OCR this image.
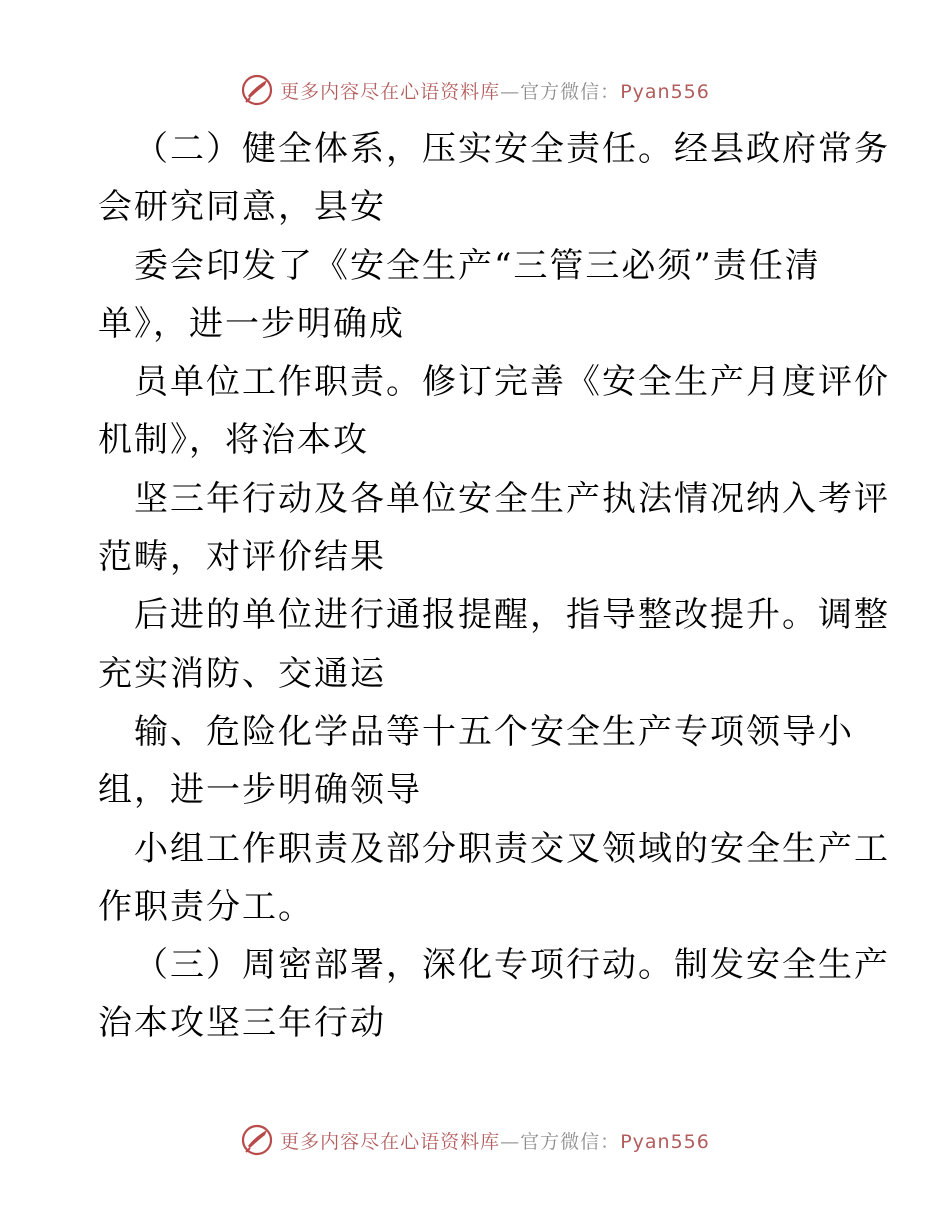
更多内容尽在心语资料库—官方微信：Pyan556
（二）健全体系，压实安全责任。经县政府常务
会研究同意，县安
委会印发了《安全生产“三管三必须”责任清
单》，进一步明确成
员单位工作职责。修订完善《安全生产月度评价
机制》，将治本攻
坚三年行动及各单位安全生产执法情况纳入考评
范畴，对评价结果
后进的单位进行通报提醒，指导整改提升。调整
充实消防、交通运
输、危险化学品等十五个安全生产专项领导小
组，进一步明确领导
小组工作职责及部分职责交叉领域的安全生产工
作职责分工。
（三）周密部署，深化专项行动。制发安全生产
治本攻坚三年行动
更多内容尽在心语资料库—官方微信：Pyan556
